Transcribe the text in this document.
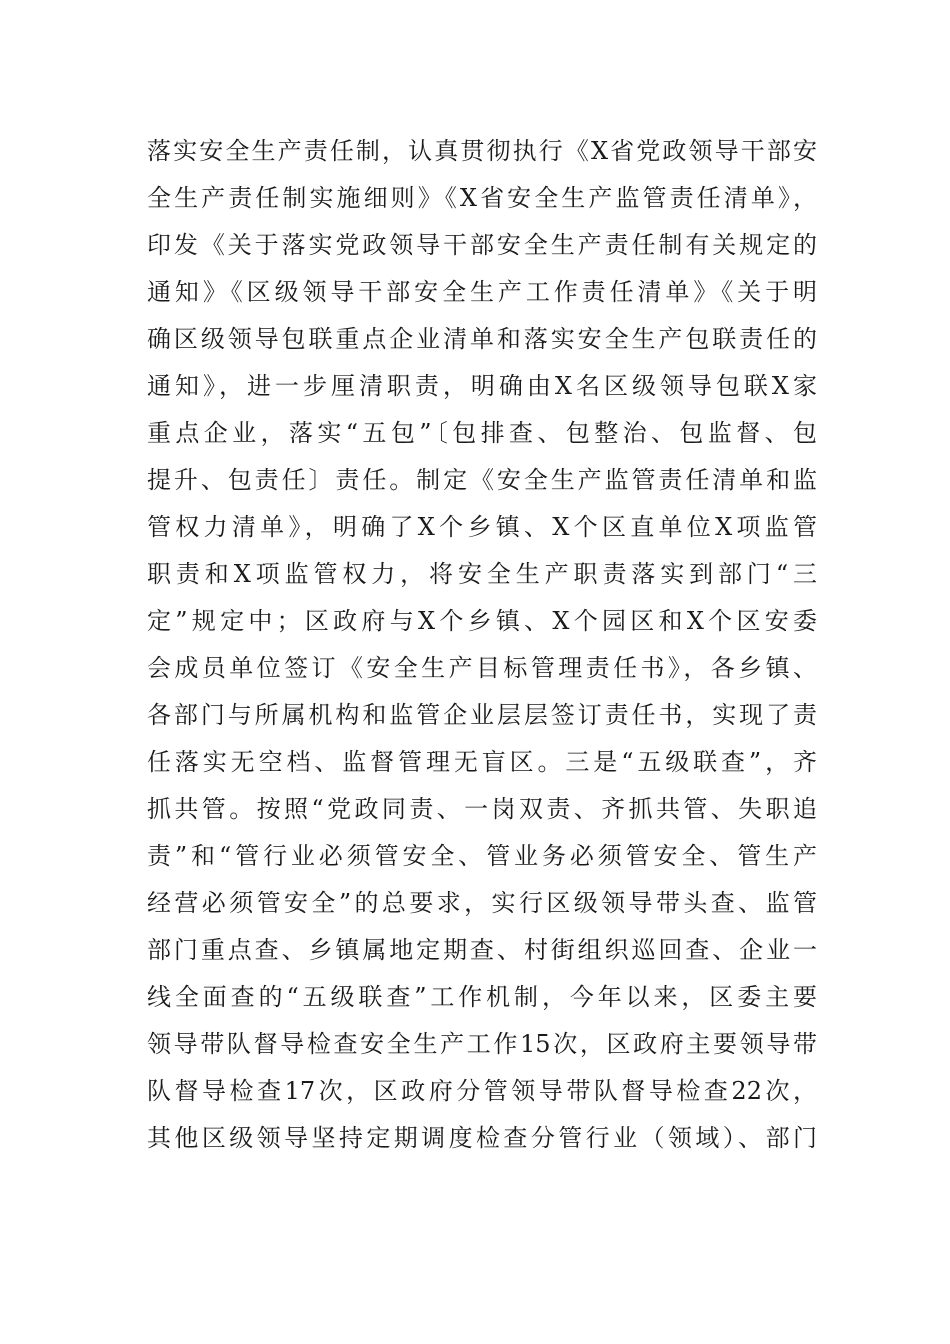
落实安全生产责任制，认真贯彻执行《X省党政领导干部安
全生产责任制实施细则》《X省安全生产监管责任清单》，
印发《关于落实党政领导干部安全生产责任制有关规定的
通知》《区级领导干部安全生产工作责任清单》《关于明
确区级领导包联重点企业清单和落实安全生产包联责任的
通知》，进一步厘清职责，明确由X名区级领导包联X家
重点企业，落实“五包”〔包排查、包整治、包监督、包
提升、包责任〕责任。制定《安全生产监管责任清单和监
管权力清单》，明确了X个乡镇、X个区直单位X项监管
职责和X项监管权力，将安全生产职责落实到部门“三
定”规定中；区政府与X个乡镇、X个园区和X个区安委
会成员单位签订《安全生产目标管理责任书》，各乡镇、
各部门与所属机构和监管企业层层签订责任书，实现了责
任落实无空档、监督管理无盲区。三是“五级联查”，齐
抓共管。按照“党政同责、一岗双责、齐抓共管、失职追
责”和“管行业必须管安全、管业务必须管安全、管生产
经营必须管安全”的总要求，实行区级领导带头查、监管
部门重点查、乡镇属地定期查、村街组织巡回查、企业一
线全面查的“五级联查”工作机制，今年以来，区委主要
领导带队督导检查安全生产工作15次，区政府主要领导带
队督导检查17次，区政府分管领导带队督导检查22次，
其他区级领导坚持定期调度检查分管行业（领域）、部门
